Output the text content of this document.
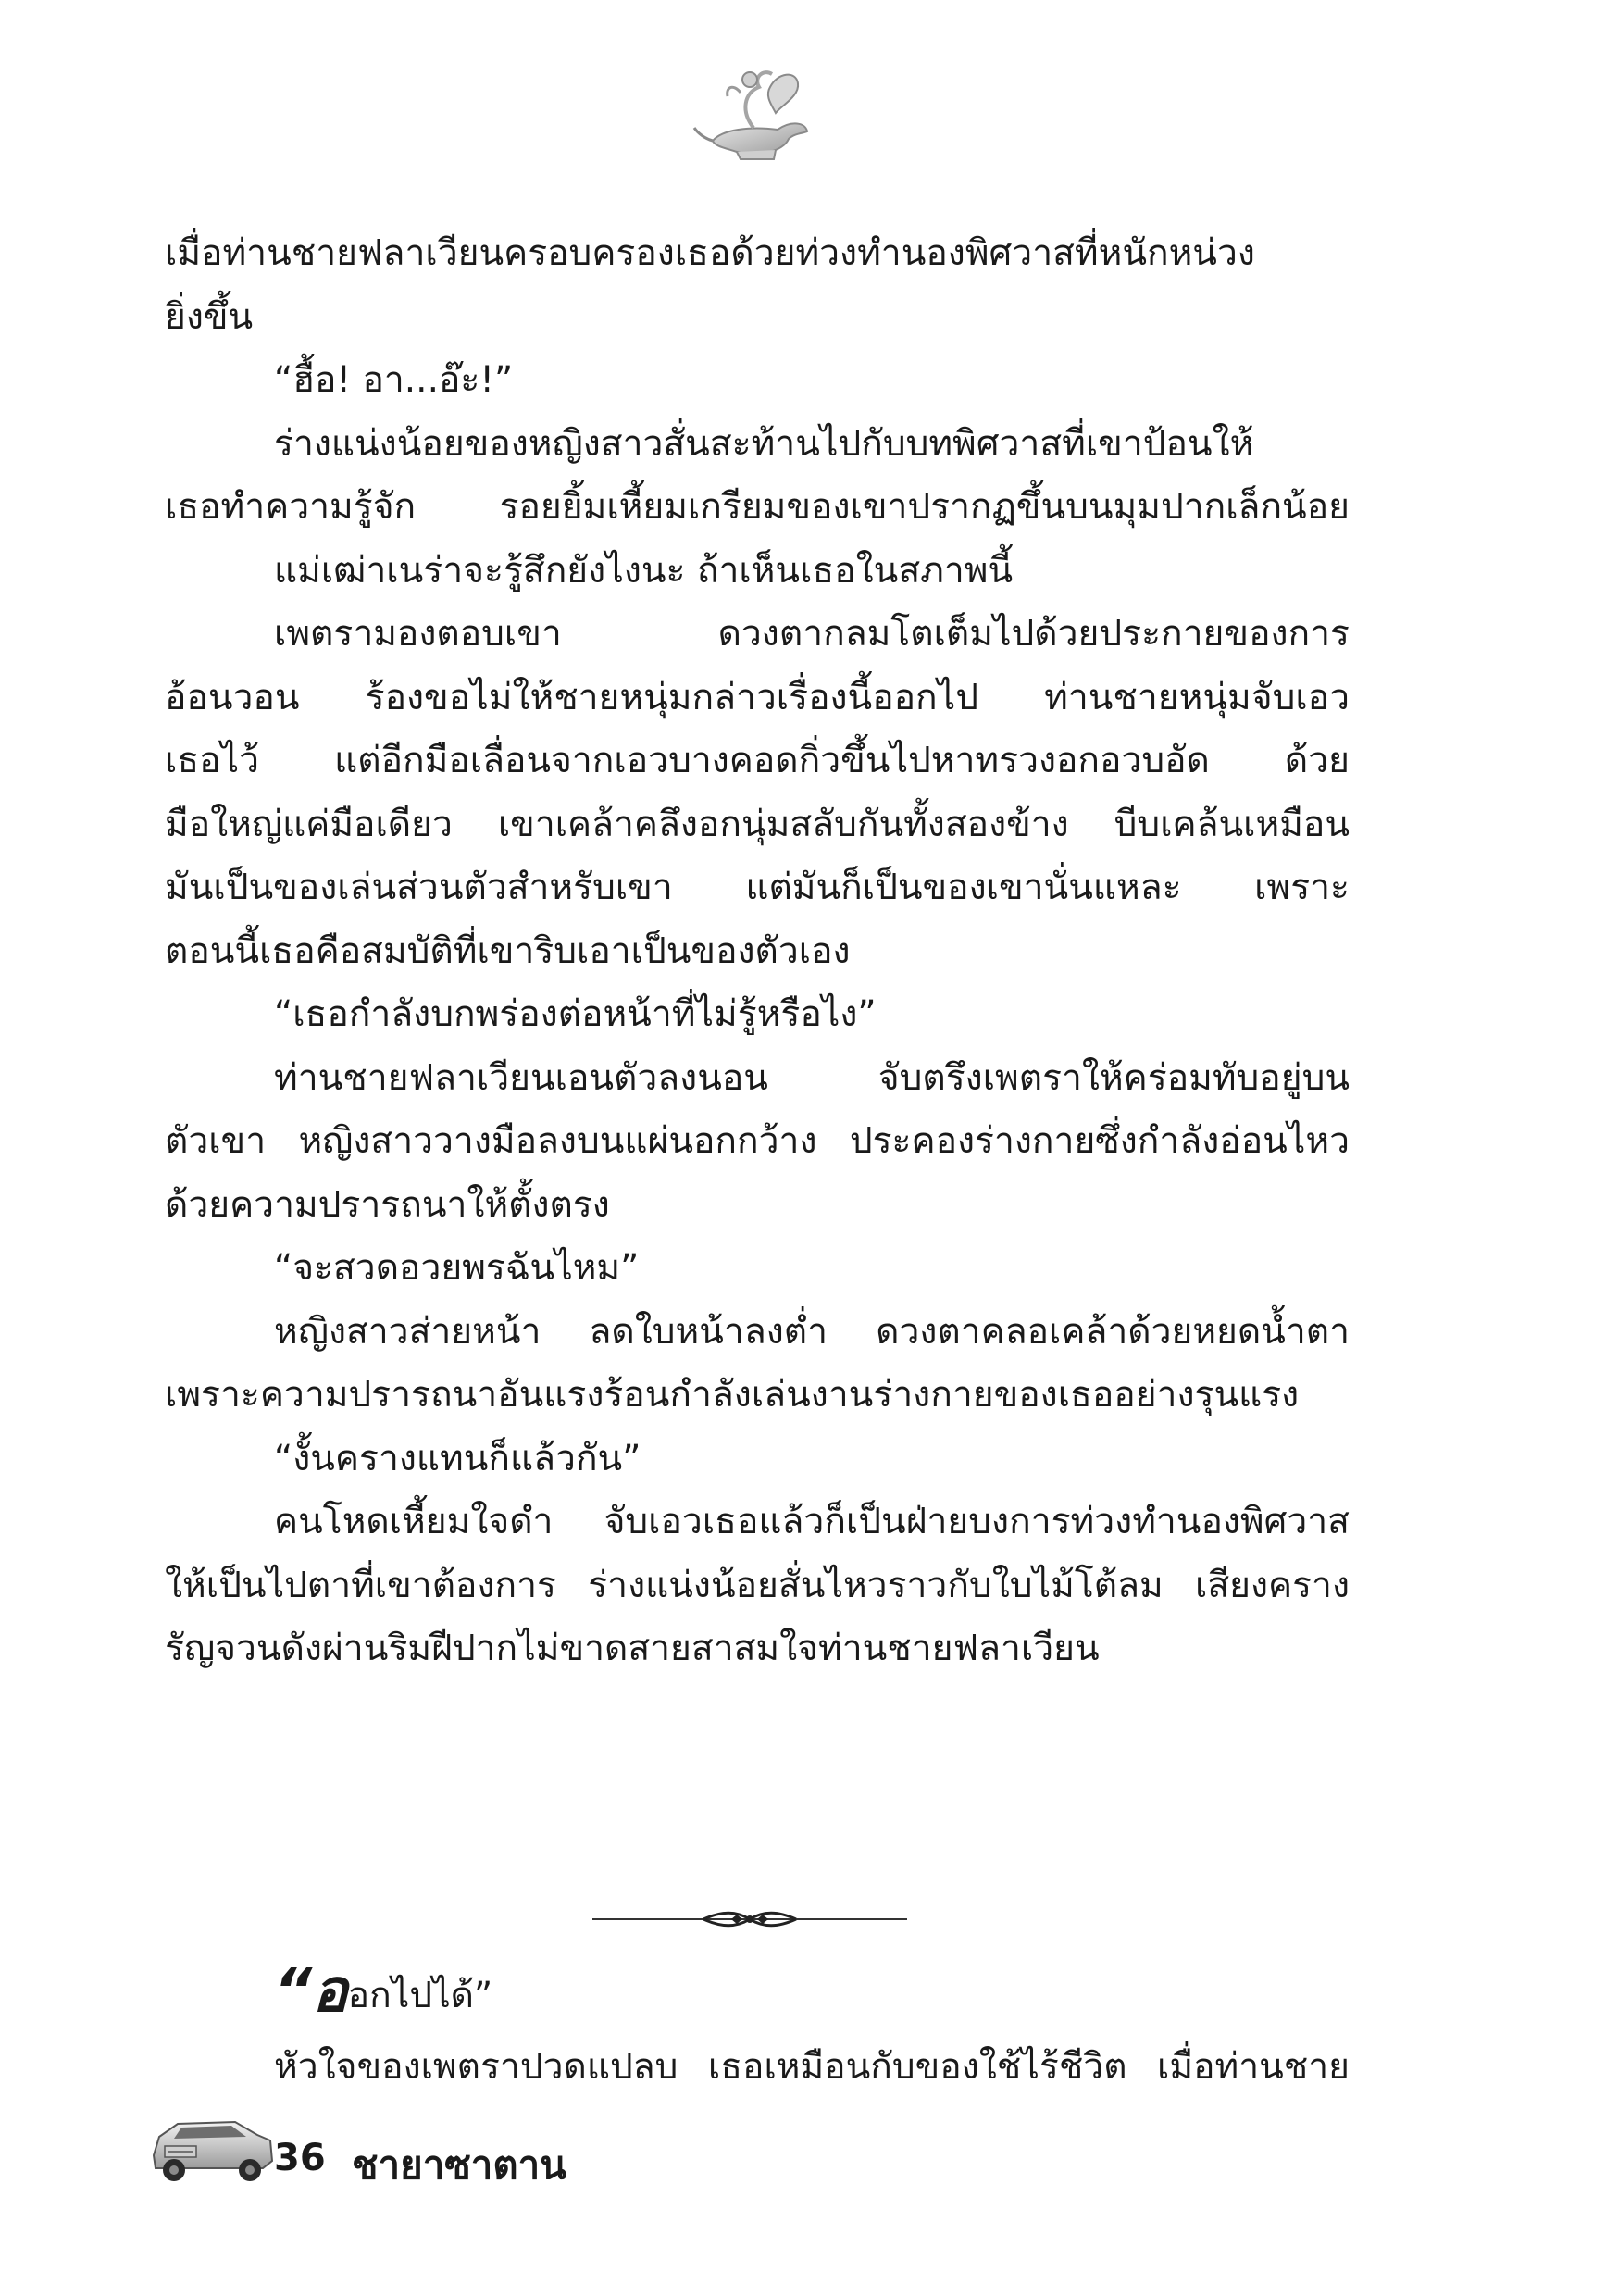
เมื่อท่านชายฟลาเวียนครอบครองเธอด้วยท่วงทำนองพิศวาสที่หนักหน่วง
ยิ่งขึ้น
“ฮื้อ! อา...อ๊ะ!”
ร่างแน่งน้อยของหญิงสาวสั่นสะท้านไปกับบทพิศวาสที่เขาป้อนให้
เธอทำความรู้จัก รอยยิ้มเหี้ยมเกรียมของเขาปรากฏขึ้นบนมุมปากเล็กน้อย
แม่เฒ่าเนร่าจะรู้สึกยังไงนะ ถ้าเห็นเธอในสภาพนี้
เพตรามองตอบเขา ดวงตากลมโตเต็มไปด้วยประกายของการ
อ้อนวอน ร้องขอไม่ให้ชายหนุ่มกล่าวเรื่องนี้ออกไป ท่านชายหนุ่มจับเอว
เธอไว้ แต่อีกมือเลื่อนจากเอวบางคอดกิ่วขึ้นไปหาทรวงอกอวบอัด ด้วย
มือใหญ่แค่มือเดียว เขาเคล้าคลึงอกนุ่มสลับกันทั้งสองข้าง บีบเคล้นเหมือน
มันเป็นของเล่นส่วนตัวสำหรับเขา แต่มันก็เป็นของเขานั่นแหละ เพราะ
ตอนนี้เธอคือสมบัติที่เขาริบเอาเป็นของตัวเอง
“เธอกำลังบกพร่องต่อหน้าที่ไม่รู้หรือไง”
ท่านชายฟลาเวียนเอนตัวลงนอน จับตรึงเพตราให้คร่อมทับอยู่บน
ตัวเขา หญิงสาววางมือลงบนแผ่นอกกว้าง ประคองร่างกายซึ่งกำลังอ่อนไหว
ด้วยความปรารถนาให้ตั้งตรง
“จะสวดอวยพรฉันไหม”
หญิงสาวส่ายหน้า ลดใบหน้าลงต่ำ ดวงตาคลอเคล้าด้วยหยดน้ำตา
เพราะความปรารถนาอันแรงร้อนกำลังเล่นงานร่างกายของเธออย่างรุนแรง
“งั้นครางแทนก็แล้วกัน”
คนโหดเหี้ยมใจดำ จับเอวเธอแล้วก็เป็นฝ่ายบงการท่วงทำนองพิศวาส
ให้เป็นไปตาที่เขาต้องการ ร่างแน่งน้อยสั่นไหวราวกับใบไม้โต้ลม เสียงคราง
รัญจวนดังผ่านริมฝีปากไม่ขาดสายสาสมใจท่านชายฟลาเวียน
“ออกไปได้”
หัวใจของเพตราปวดแปลบ เธอเหมือนกับของใช้ไร้ชีวิต เมื่อท่านชาย
36 ชายาซาตาน
